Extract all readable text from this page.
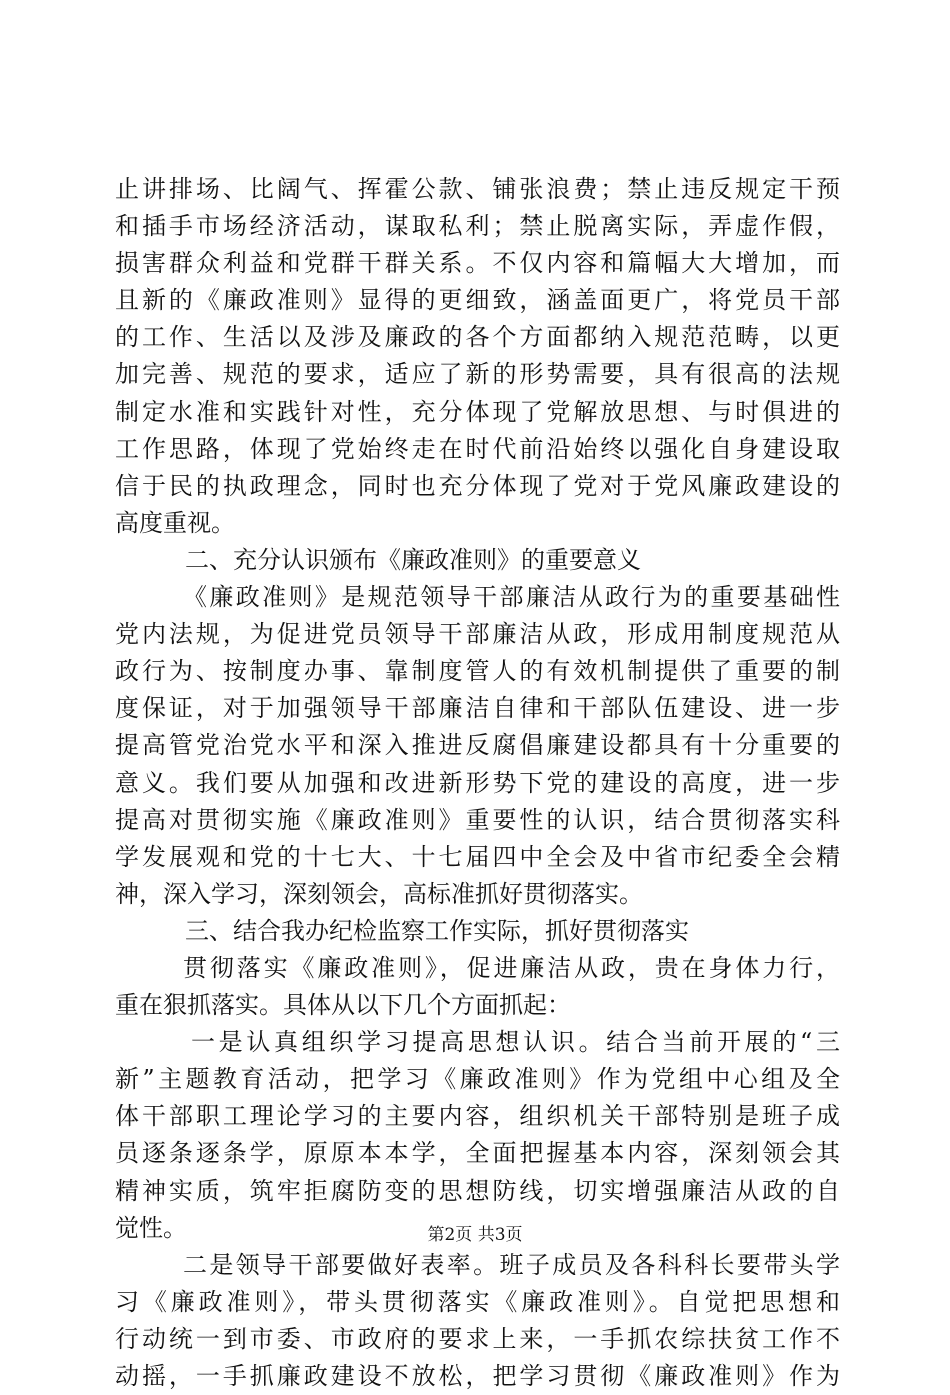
止讲排场、比阔气、挥霍公款、铺张浪费；禁止违反规定干预
和插手市场经济活动，谋取私利；禁止脱离实际，弄虚作假，
损害群众利益和党群干群关系。不仅内容和篇幅大大增加，而
且新的《廉政准则》显得的更细致，涵盖面更广，将党员干部
的工作、生活以及涉及廉政的各个方面都纳入规范范畴，以更
加完善、规范的要求，适应了新的形势需要，具有很高的法规
制定水准和实践针对性，充分体现了党解放思想、与时俱进的
工作思路，体现了党始终走在时代前沿始终以强化自身建设取
信于民的执政理念，同时也充分体现了党对于党风廉政建设的
高度重视。
二、充分认识颁布《廉政准则》的重要意义
《廉政准则》是规范领导干部廉洁从政行为的重要基础性
党内法规，为促进党员领导干部廉洁从政，形成用制度规范从
政行为、按制度办事、靠制度管人的有效机制提供了重要的制
度保证，对于加强领导干部廉洁自律和干部队伍建设、进一步
提高管党治党水平和深入推进反腐倡廉建设都具有十分重要的
意义。我们要从加强和改进新形势下党的建设的高度，进一步
提高对贯彻实施《廉政准则》重要性的认识，结合贯彻落实科
学发展观和党的十七大、十七届四中全会及中省市纪委全会精
神，深入学习，深刻领会，高标准抓好贯彻落实。
三、结合我办纪检监察工作实际，抓好贯彻落实
贯彻落实《廉政准则》，促进廉洁从政，贵在身体力行，
重在狠抓落实。具体从以下几个方面抓起：
一是认真组织学习提高思想认识。结合当前开展的“三
新”主题教育活动，把学习《廉政准则》作为党组中心组及全
体干部职工理论学习的主要内容，组织机关干部特别是班子成
员逐条逐条学，原原本本学，全面把握基本内容，深刻领会其
精神实质，筑牢拒腐防变的思想防线，切实增强廉洁从政的自
觉性。
二是领导干部要做好表率。班子成员及各科科长要带头学
习《廉政准则》，带头贯彻落实《廉政准则》。自觉把思想和
行动统一到市委、市政府的要求上来，一手抓农综扶贫工作不
动摇，一手抓廉政建设不放松，把学习贯彻《廉政准则》作为
第2页 共3页
